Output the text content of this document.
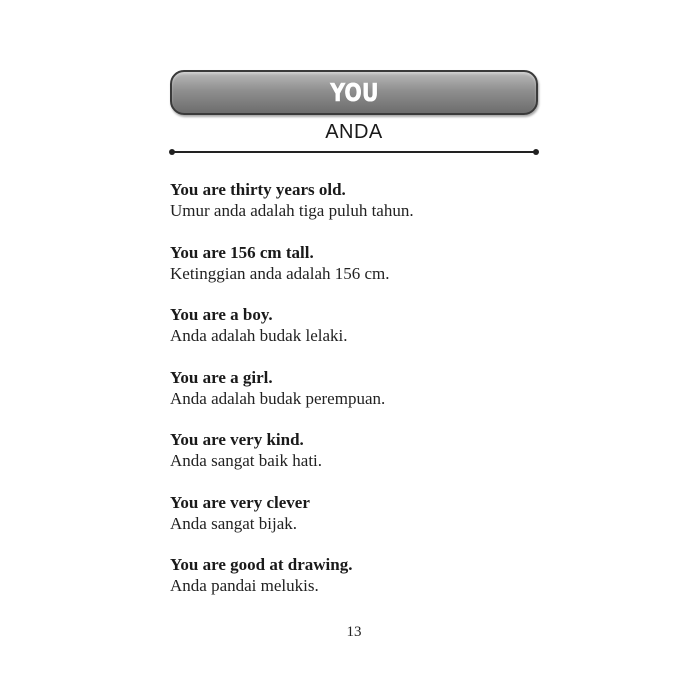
YOU
ANDA
You are thirty years old.
Umur anda adalah tiga puluh tahun.
You are 156 cm tall.
Ketinggian anda adalah 156 cm.
You are a boy.
Anda adalah budak lelaki.
You are a girl.
Anda adalah budak perempuan.
You are very kind.
Anda sangat baik hati.
You are very clever
Anda sangat bijak.
You are good at drawing.
Anda pandai melukis.
13
